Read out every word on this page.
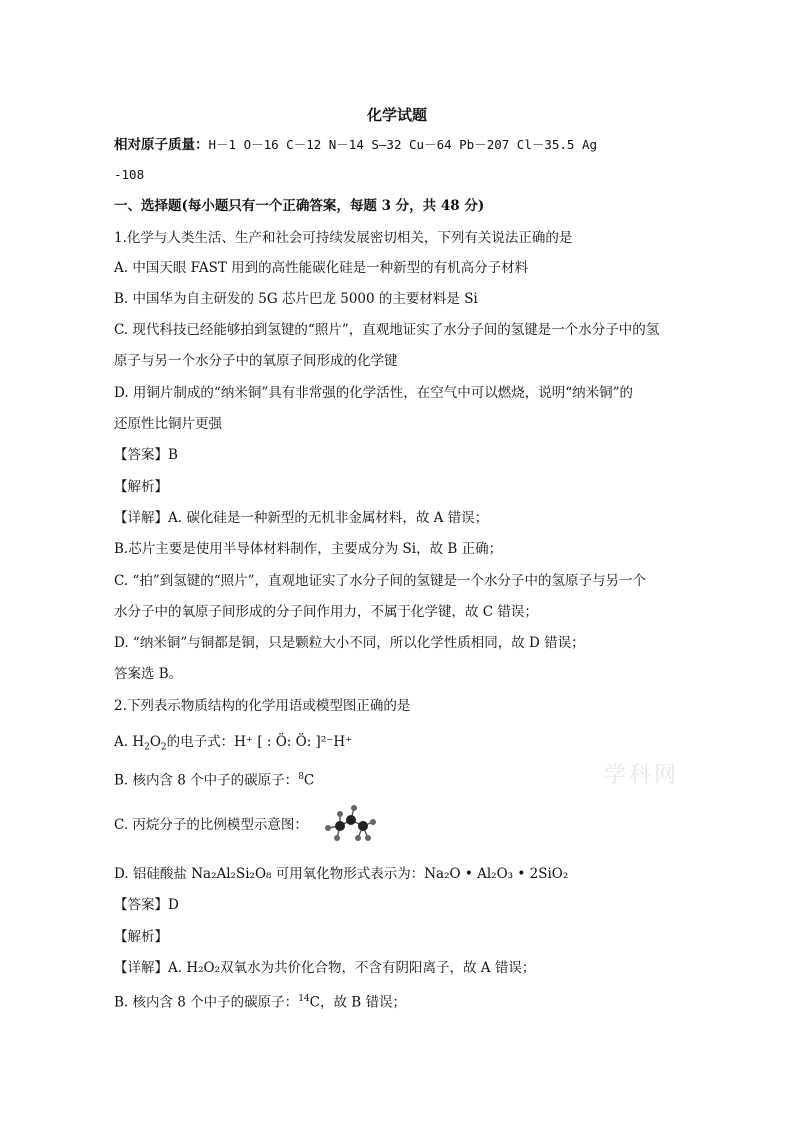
化学试题
相对原子质量：H－1 O－16 C－12 N－14 S—32 Cu－64 Pb－207 Cl－35.5 Ag
-108
一、选择题(每小题只有一个正确答案，每题 3 分，共 48 分)
1.化学与人类生活、生产和社会可持续发展密切相关，下列有关说法正确的是
A. 中国天眼 FAST 用到的高性能碳化硅是一种新型的有机高分子材料
B. 中国华为自主研发的 5G 芯片巴龙 5000 的主要材料是 Si
C. 现代科技已经能够拍到氢键的“照片”，直观地证实了水分子间的氢键是一个水分子中的氢
原子与另一个水分子中的氧原子间形成的化学键
D. 用铜片制成的“纳米铜”具有非常强的化学活性，在空气中可以燃烧，说明“纳米铜”的
还原性比铜片更强
【答案】B
【解析】
【详解】A. 碳化硅是一种新型的无机非金属材料，故 A 错误；
B.芯片主要是使用半导体材料制作，主要成分为 Si，故 B 正确；
C. “拍”到氢键的“照片”，直观地证实了水分子间的氢键是一个水分子中的氢原子与另一个
水分子中的氧原子间形成的分子间作用力，不属于化学键，故 C 错误；
D. “纳米铜”与铜都是铜，只是颗粒大小不同，所以化学性质相同，故 D 错误；
答案选 B。
2.下列表示物质结构的化学用语或模型图正确的是
A. $H_2O_2$的电子式：H⁺ [ : Ö: Ö: ]²⁻H⁺
B. 核内含 8 个中子的碳原子：$^8$C
C. 丙烷分子的比例模型示意图：
D. 铝硅酸盐 Na₂Al₂Si₂O₈ 可用氧化物形式表示为：Na₂O • Al₂O₃ • 2SiO₂
【答案】D
【解析】
【详解】A. H₂O₂双氧水为共价化合物，不含有阴阳离子，故 A 错误；
B. 核内含 8 个中子的碳原子：$^{14}$C，故 B 错误；
学科网
